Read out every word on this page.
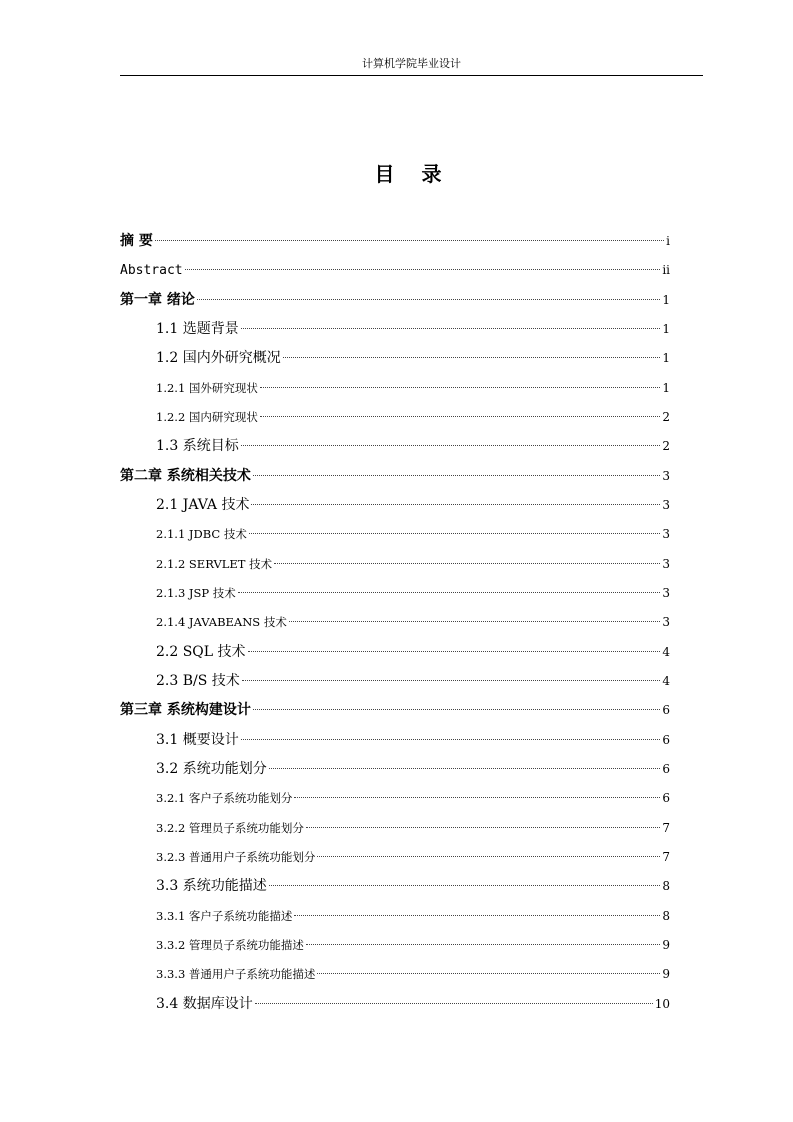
计算机学院毕业设计
目 录
摘 要	i
Abstract	ii
第一章 绪论	1
1.1 选题背景	1
1.2 国内外研究概况	1
1.2.1 国外研究现状	1
1.2.2 国内研究现状	2
1.3 系统目标	2
第二章 系统相关技术	3
2.1 JAVA 技术	3
2.1.1 JDBC 技术	3
2.1.2 SERVLET 技术	3
2.1.3 JSP 技术	3
2.1.4 JAVABEANS 技术	3
2.2 SQL 技术	4
2.3 B/S 技术	4
第三章 系统构建设计	6
3.1 概要设计	6
3.2 系统功能划分	6
3.2.1 客户子系统功能划分	6
3.2.2 管理员子系统功能划分	7
3.2.3 普通用户子系统功能划分	7
3.3 系统功能描述	8
3.3.1 客户子系统功能描述	8
3.3.2 管理员子系统功能描述	9
3.3.3 普通用户子系统功能描述	9
3.4 数据库设计	10
